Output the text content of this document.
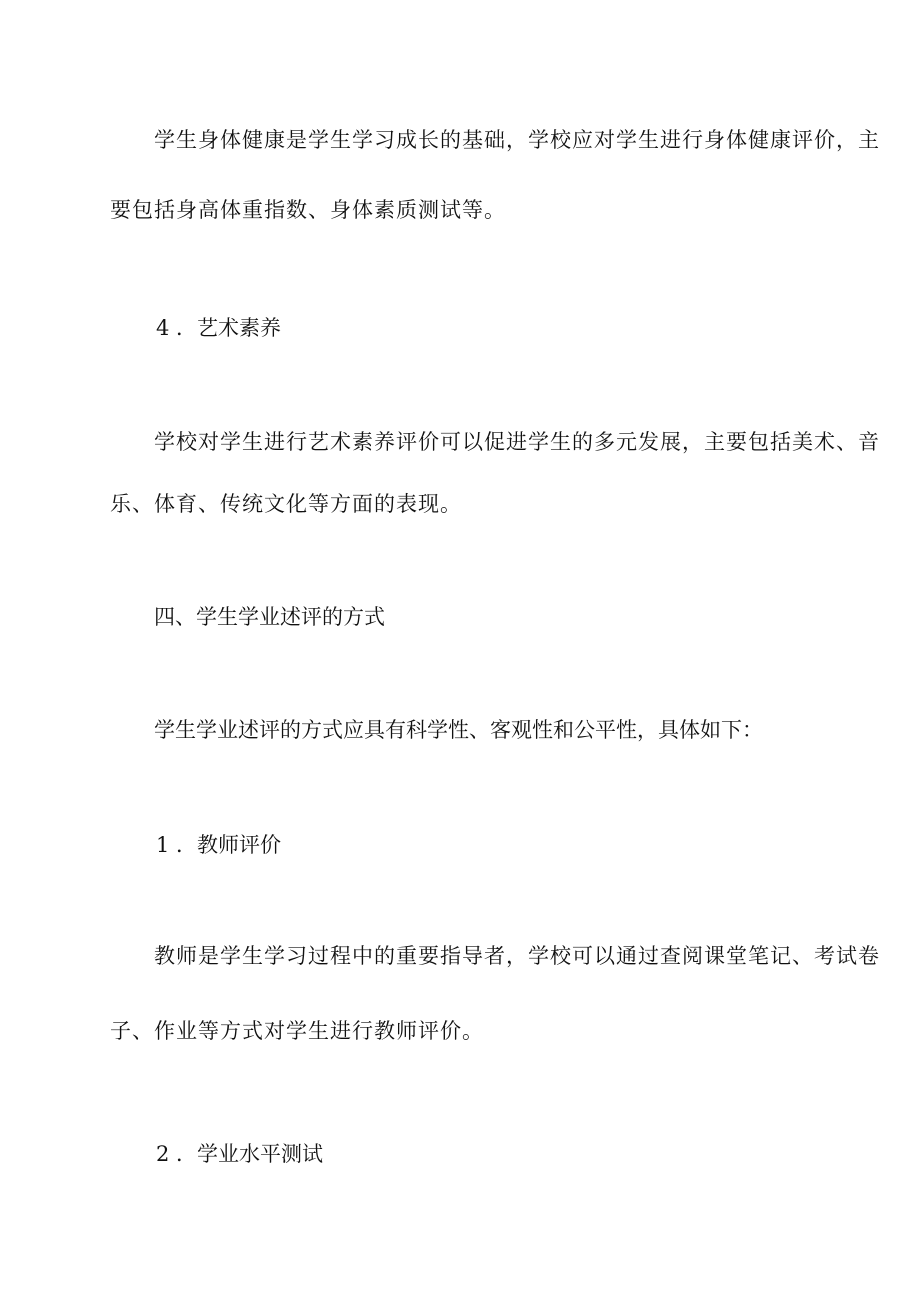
学生身体健康是学生学习成长的基础，学校应对学生进行身体健康评价，主
要包括身高体重指数、身体素质测试等。
4 ．艺术素养
学校对学生进行艺术素养评价可以促进学生的多元发展，主要包括美术、音
乐、体育、传统文化等方面的表现。
四、学生学业述评的方式
学生学业述评的方式应具有科学性、客观性和公平性，具体如下：
1 ．教师评价
教师是学生学习过程中的重要指导者，学校可以通过查阅课堂笔记、考试卷
子、作业等方式对学生进行教师评价。
2 ．学业水平测试
